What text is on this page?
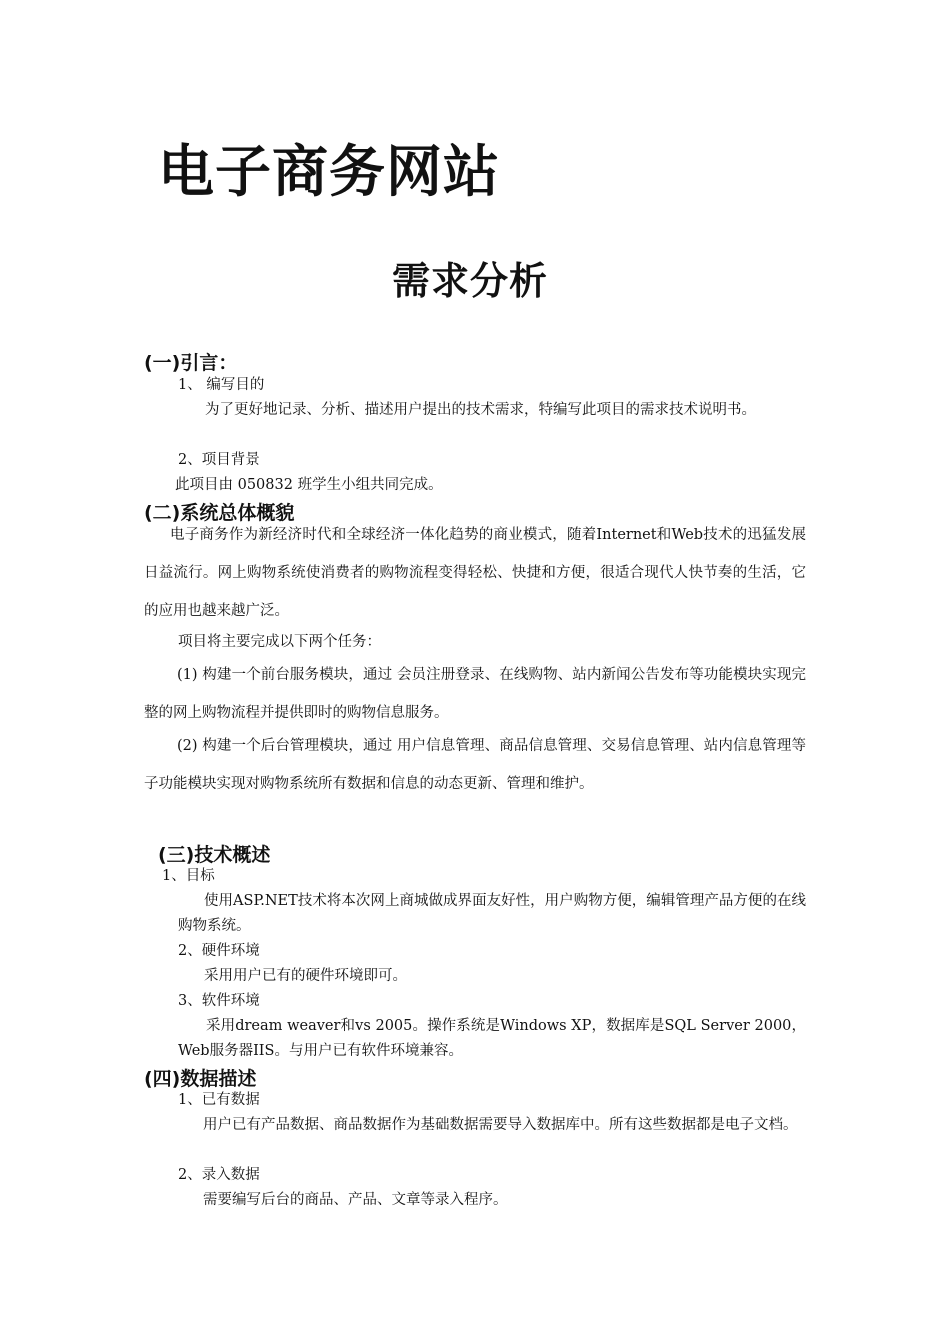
电子商务网站
需求分析
(一)引言：
1、 编写目的
为了更好地记录、分析、描述用户提出的技术需求，特编写此项目的需求技术说明书。
2、项目背景
此项目由 050832 班学生小组共同完成。
(二)系统总体概貌
电子商务作为新经济时代和全球经济一体化趋势的商业模式，随着Internet和Web技术的迅猛发展日益流行。网上购物系统使消费者的购物流程变得轻松、快捷和方便，很适合现代人快节奏的生活，它的应用也越来越广泛。
项目将主要完成以下两个任务：
(1) 构建一个前台服务模块，通过 会员注册登录、在线购物、站内新闻公告发布等功能模块实现完整的网上购物流程并提供即时的购物信息服务。
(2) 构建一个后台管理模块，通过 用户信息管理、商品信息管理、交易信息管理、站内信息管理等子功能模块实现对购物系统所有数据和信息的动态更新、管理和维护。
(三)技术概述
1、目标
使用ASP.NET技术将本次网上商城做成界面友好性，用户购物方便，编辑管理产品方便的在线购物系统。
2、硬件环境
采用用户已有的硬件环境即可。
3、软件环境
采用dream weaver和vs 2005。操作系统是Windows XP，数据库是SQL Server 2000，Web服务器IIS。与用户已有软件环境兼容。
(四)数据描述
1、已有数据
用户已有产品数据、商品数据作为基础数据需要导入数据库中。所有这些数据都是电子文档。
2、录入数据
需要编写后台的商品、产品、文章等录入程序。
